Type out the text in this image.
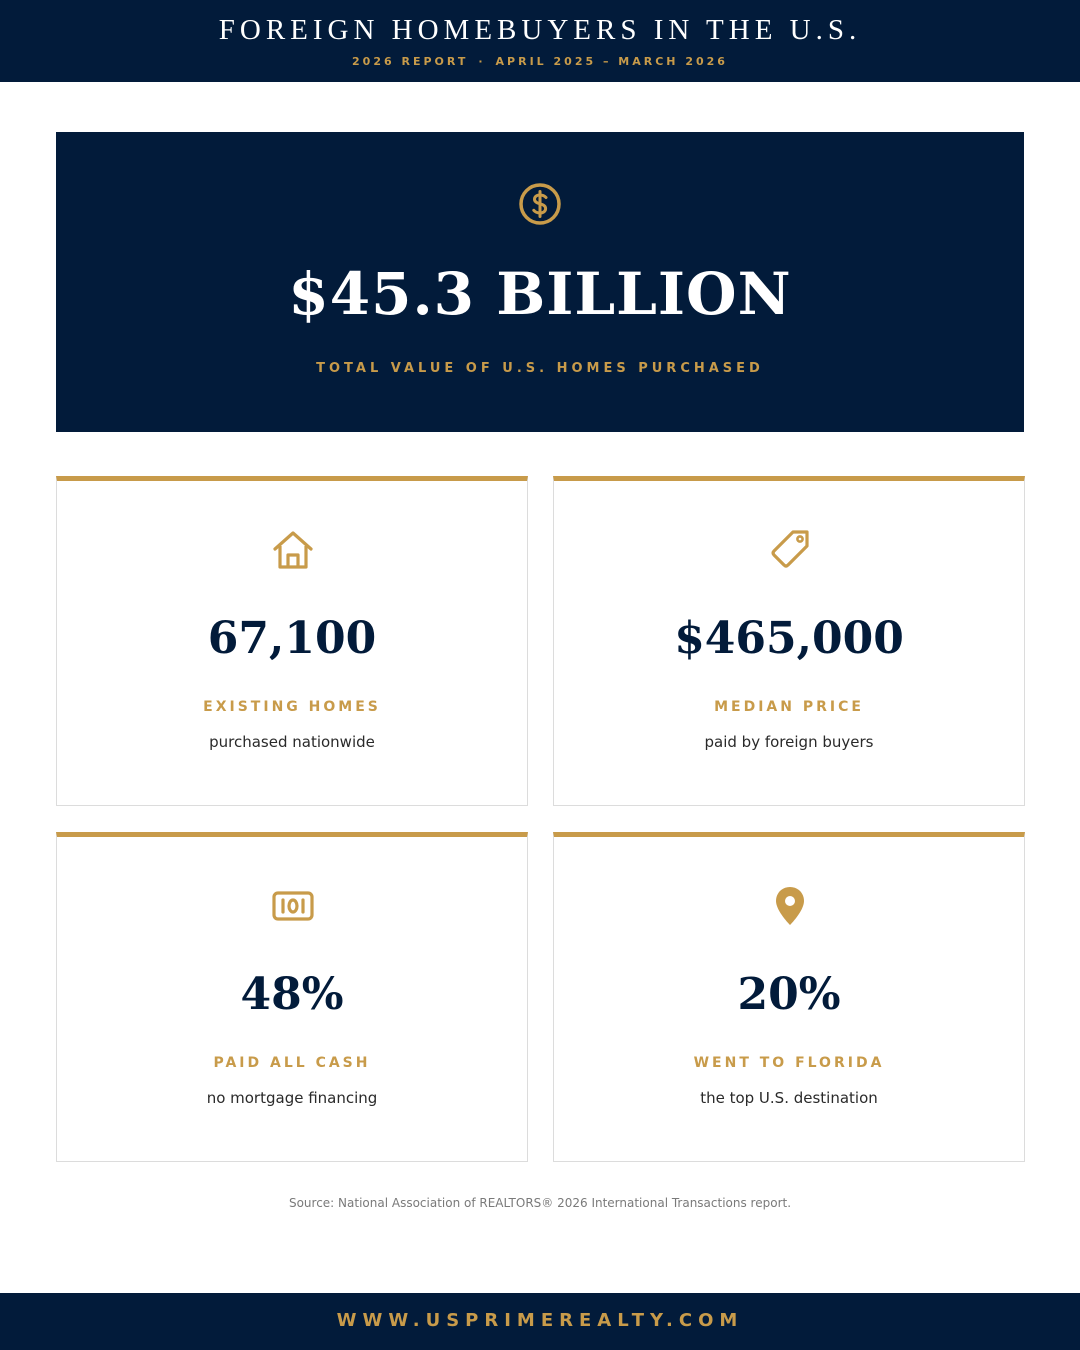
FOREIGN HOMEBUYERS IN THE U.S.
2026 REPORT · APRIL 2025 – MARCH 2026
$45.3 BILLION
TOTAL VALUE OF U.S. HOMES PURCHASED
67,100
EXISTING HOMES
purchased nationwide
$465,000
MEDIAN PRICE
paid by foreign buyers
48%
PAID ALL CASH
no mortgage financing
20%
WENT TO FLORIDA
the top U.S. destination
Source: National Association of REALTORS® 2026 International Transactions report.
WWW.USPRIMEREALTY.COM
